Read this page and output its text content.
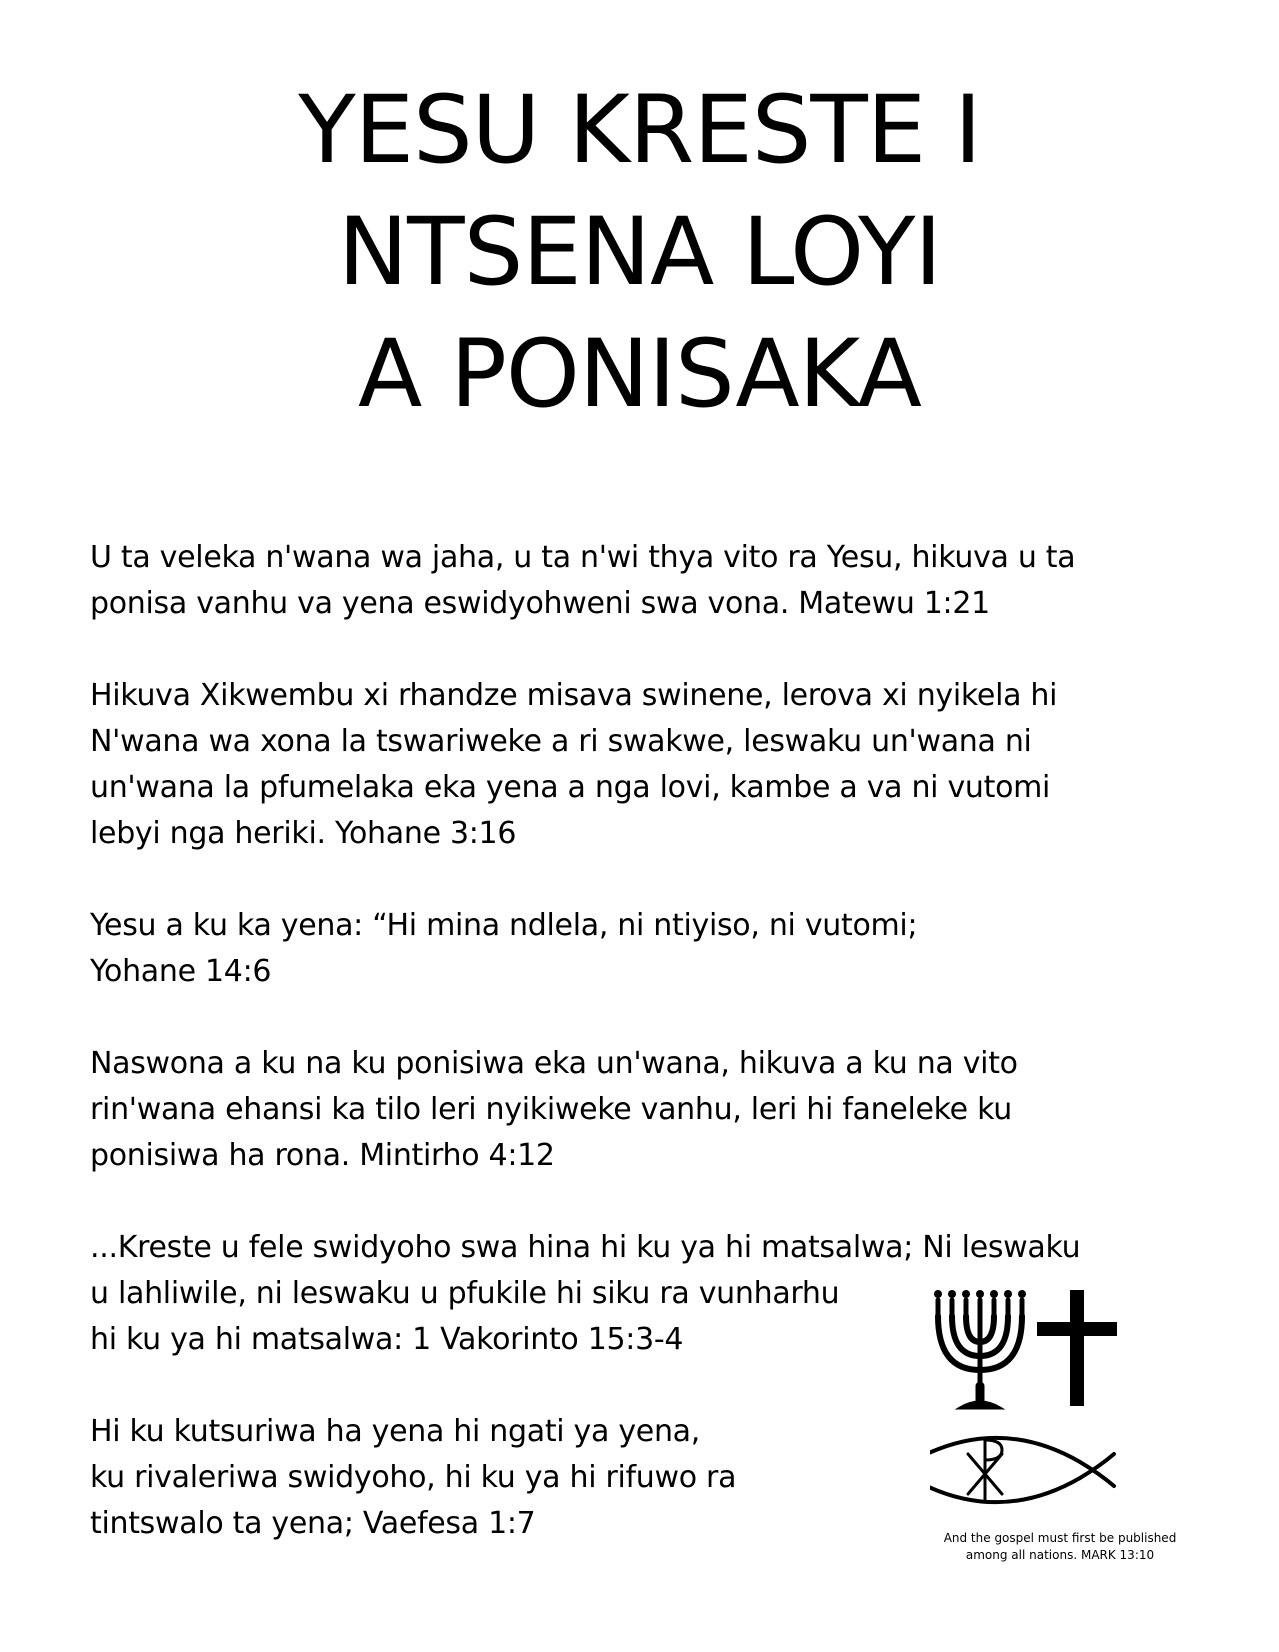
YESU KRESTE I
NTSENA LOYI
A PONISAKA

U ta veleka n'wana wa jaha, u ta n'wi thya vito ra Yesu, hikuva u ta
ponisa vanhu va yena eswidyohweni swa vona. Matewu 1:21

Hikuva Xikwembu xi rhandze misava swinene, lerova xi nyikela hi
N'wana wa xona la tswariweke a ri swakwe, leswaku un'wana ni
un'wana la pfumelaka eka yena a nga lovi, kambe a va ni vutomi
lebyi nga heriki. Yohane 3:16

Yesu a ku ka yena: “Hi mina ndlela, ni ntiyiso, ni vutomi;
Yohane 14:6

Naswona a ku na ku ponisiwa eka un'wana, hikuva a ku na vito
rin'wana ehansi ka tilo leri nyikiweke vanhu, leri hi faneleke ku
ponisiwa ha rona. Mintirho 4:12

...Kreste u fele swidyoho swa hina hi ku ya hi matsalwa; Ni leswaku
u lahliwile, ni leswaku u pfukile hi siku ra vunharhu
hi ku ya hi matsalwa: 1 Vakorinto 15:3-4

Hi ku kutsuriwa ha yena hi ngati ya yena,
ku rivaleriwa swidyoho, hi ku ya hi rifuwo ra
tintswalo ta yena; Vaefesa 1:7	And the gospel must first be published
among all nations. MARK 13:10
